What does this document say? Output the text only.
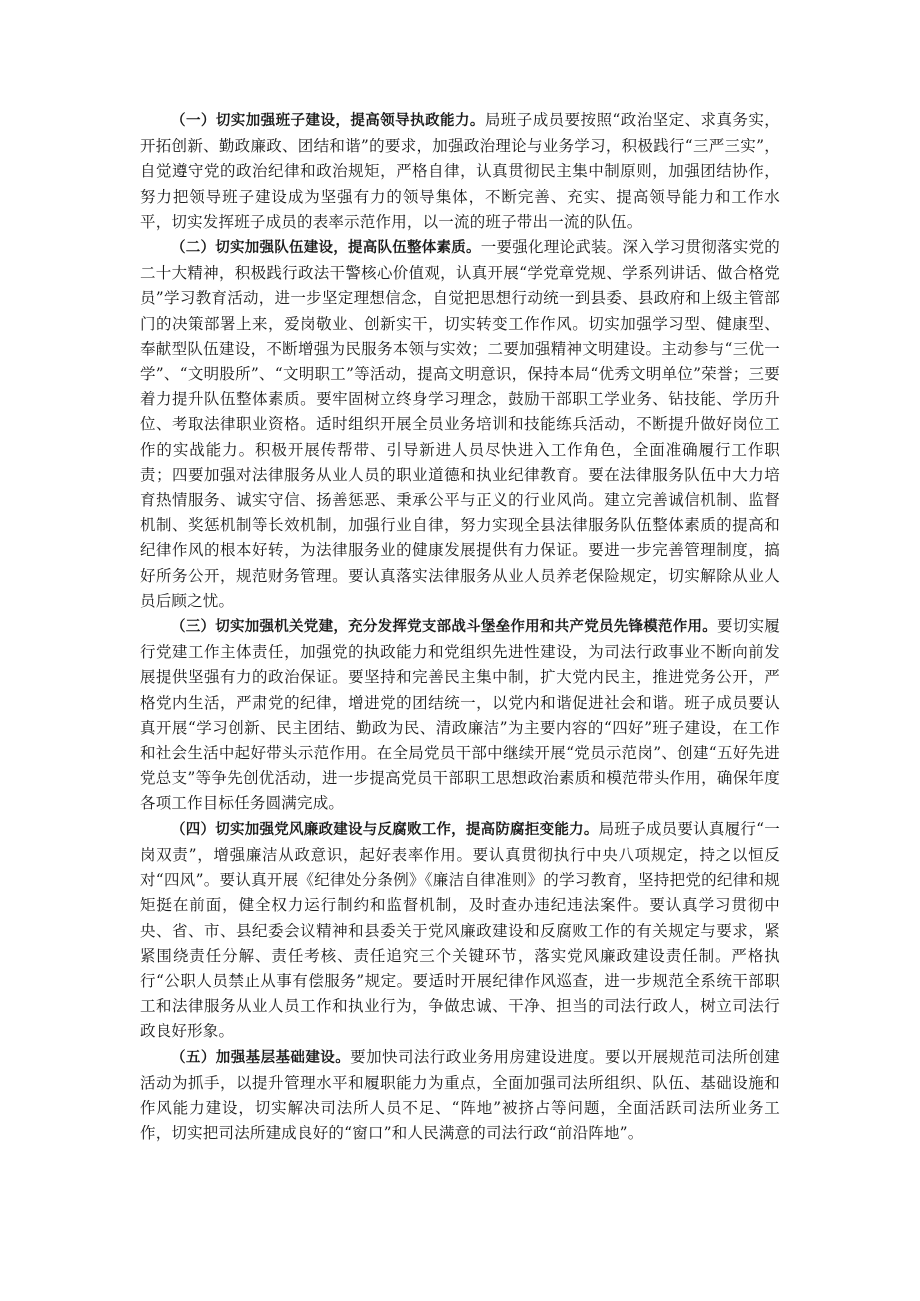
（一）切实加强班子建设，提高领导执政能力。局班子成员要按照“政治坚定、求真务实，开拓创新、勤政廉政、团结和谐”的要求，加强政治理论与业务学习，积极践行“三严三实”，自觉遵守党的政治纪律和政治规矩，严格自律，认真贯彻民主集中制原则，加强团结协作，努力把领导班子建设成为坚强有力的领导集体，不断完善、充实、提高领导能力和工作水平，切实发挥班子成员的表率示范作用，以一流的班子带出一流的队伍。

（二）切实加强队伍建设，提高队伍整体素质。一要强化理论武装。深入学习贯彻落实党的二十大精神，积极践行政法干警核心价值观，认真开展“学党章党规、学系列讲话、做合格党员”学习教育活动，进一步坚定理想信念，自觉把思想行动统一到县委、县政府和上级主管部门的决策部署上来，爱岗敬业、创新实干，切实转变工作作风。切实加强学习型、健康型、奉献型队伍建设，不断增强为民服务本领与实效；二要加强精神文明建设。主动参与“三优一学”、“文明股所”、“文明职工”等活动，提高文明意识，保持本局“优秀文明单位”荣誉；三要着力提升队伍整体素质。要牢固树立终身学习理念，鼓励干部职工学业务、钻技能、学历升位、考取法律职业资格。适时组织开展全员业务培训和技能练兵活动，不断提升做好岗位工作的实战能力。积极开展传帮带、引导新进人员尽快进入工作角色，全面准确履行工作职责；四要加强对法律服务从业人员的职业道德和执业纪律教育。要在法律服务队伍中大力培育热情服务、诚实守信、扬善惩恶、秉承公平与正义的行业风尚。建立完善诚信机制、监督机制、奖惩机制等长效机制，加强行业自律，努力实现全县法律服务队伍整体素质的提高和纪律作风的根本好转，为法律服务业的健康发展提供有力保证。要进一步完善管理制度，搞好所务公开，规范财务管理。要认真落实法律服务从业人员养老保险规定，切实解除从业人员后顾之忧。

（三）切实加强机关党建，充分发挥党支部战斗堡垒作用和共产党员先锋模范作用。要切实履行党建工作主体责任，加强党的执政能力和党组织先进性建设，为司法行政事业不断向前发展提供坚强有力的政治保证。要坚持和完善民主集中制，扩大党内民主，推进党务公开，严格党内生活，严肃党的纪律，增进党的团结统一，以党内和谐促进社会和谐。班子成员要认真开展“学习创新、民主团结、勤政为民、清政廉洁”为主要内容的“四好”班子建设，在工作和社会生活中起好带头示范作用。在全局党员干部中继续开展“党员示范岗”、创建“五好先进党总支”等争先创优活动，进一步提高党员干部职工思想政治素质和模范带头作用，确保年度各项工作目标任务圆满完成。

（四）切实加强党风廉政建设与反腐败工作，提高防腐拒变能力。局班子成员要认真履行“一岗双责”，增强廉洁从政意识，起好表率作用。要认真贯彻执行中央八项规定，持之以恒反对“四风”。要认真开展《纪律处分条例》《廉洁自律准则》的学习教育，坚持把党的纪律和规矩挺在前面，健全权力运行制约和监督机制，及时查办违纪违法案件。要认真学习贯彻中央、省、市、县纪委会议精神和县委关于党风廉政建设和反腐败工作的有关规定与要求，紧紧围绕责任分解、责任考核、责任追究三个关键环节，落实党风廉政建设责任制。严格执行“公职人员禁止从事有偿服务”规定。要适时开展纪律作风巡查，进一步规范全系统干部职工和法律服务从业人员工作和执业行为，争做忠诚、干净、担当的司法行政人，树立司法行政良好形象。

（五）加强基层基础建设。要加快司法行政业务用房建设进度。要以开展规范司法所创建活动为抓手，以提升管理水平和履职能力为重点，全面加强司法所组织、队伍、基础设施和作风能力建设，切实解决司法所人员不足、“阵地”被挤占等问题，全面活跃司法所业务工作，切实把司法所建成良好的“窗口”和人民满意的司法行政“前沿阵地”。
